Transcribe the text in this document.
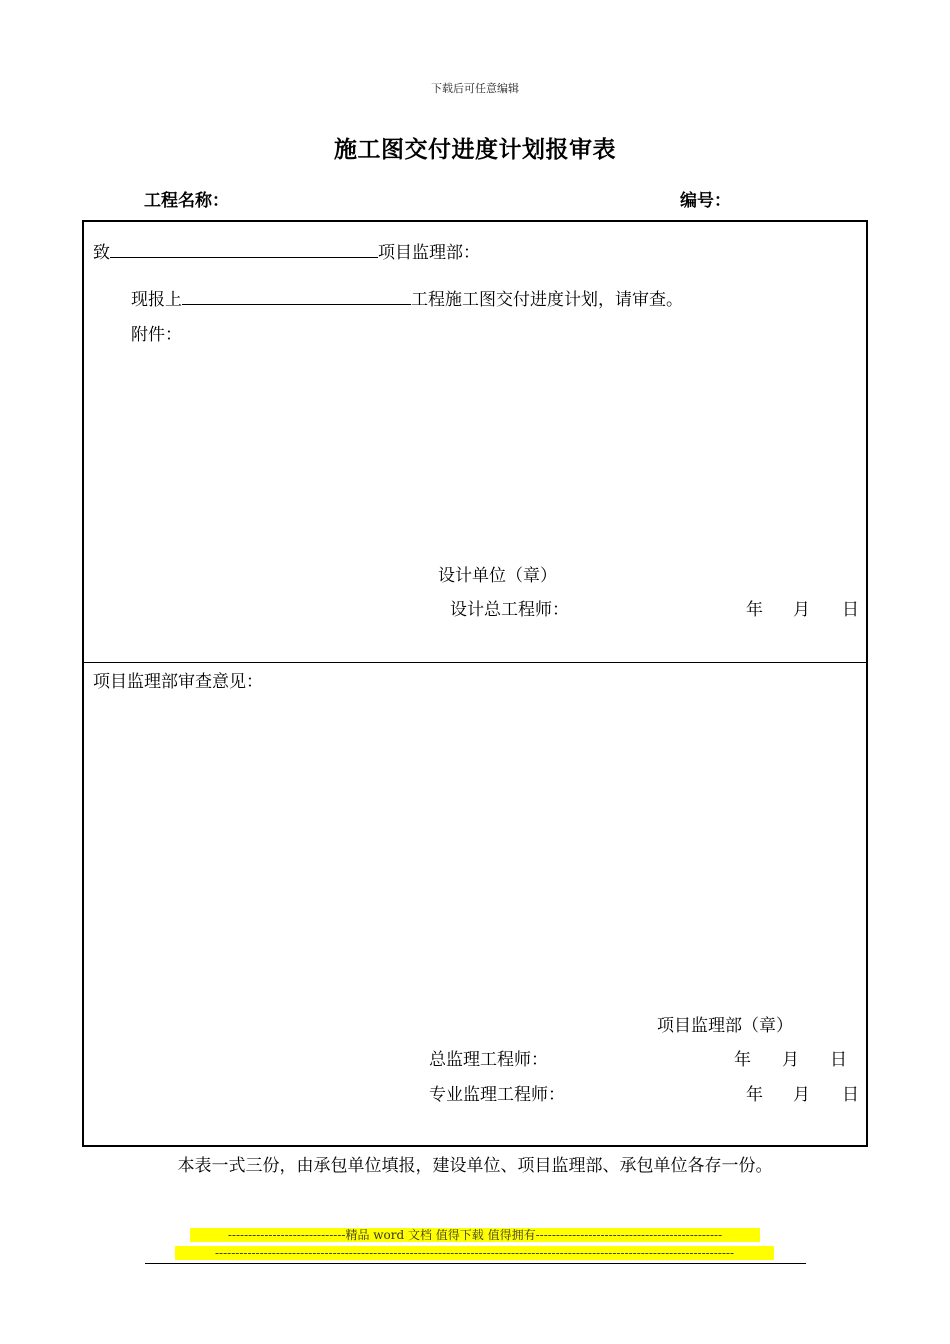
下载后可任意编辑
施工图交付进度计划报审表
工程名称：	编号：
致	项目监理部：
现报上	工程施工图交付进度计划，请审查。
附件：
设计单位（章）
设计总工程师：	年 月 日
项目监理部审查意见：
项目监理部（章）
总监理工程师：	年 月 日
专业监理工程师：	年 月 日
本表一式三份，由承包单位填报，建设单位、项目监理部、承包单位各存一份。
-----------------------------精品 word 文档 值得下载 值得拥有----------------------------------------------
--------------------------------------------------------------------------------------------------------------------------------
